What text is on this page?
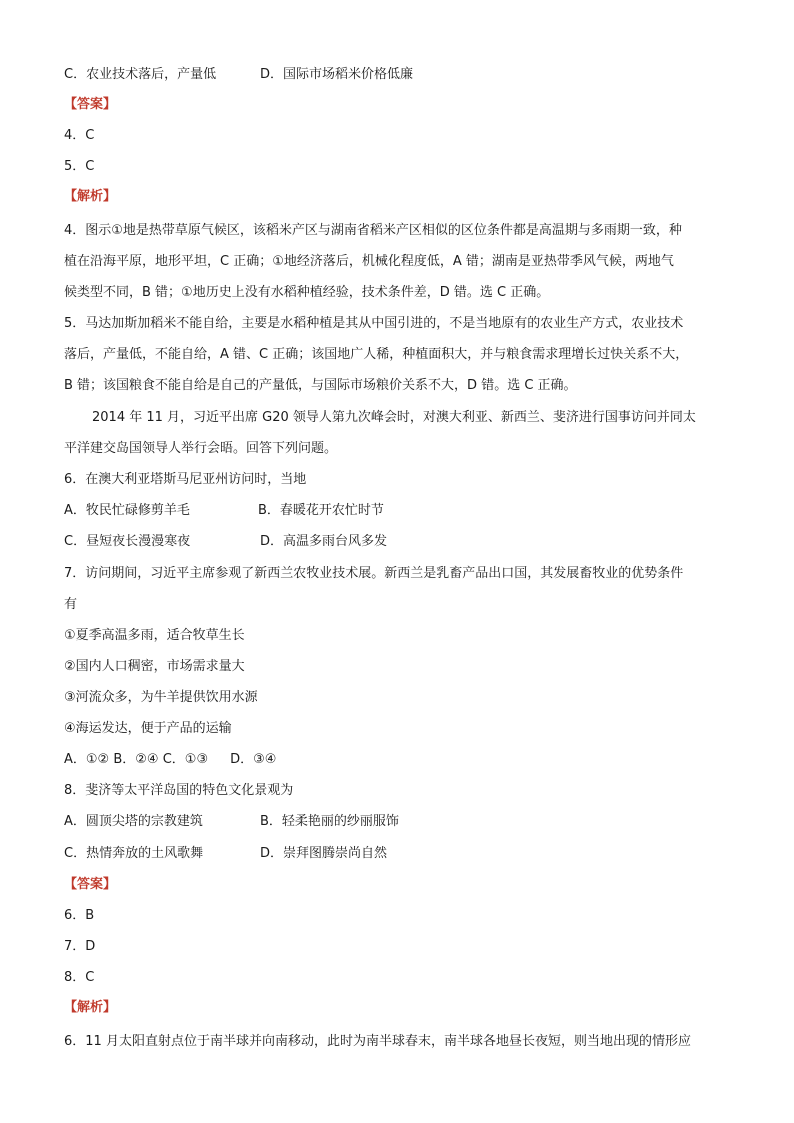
C．农业技术落后，产量低	D．国际市场稻米价格低廉
【答案】
4．C
5．C
【解析】
4．图示①地是热带草原气候区，该稻米产区与湖南省稻米产区相似的区位条件都是高温期与多雨期一致，种
植在沿海平原，地形平坦，C 正确；①地经济落后，机械化程度低，A 错；湖南是亚热带季风气候，两地气
候类型不同，B 错；①地历史上没有水稻种植经验，技术条件差，D 错。选 C 正确。
5．马达加斯加稻米不能自给，主要是水稻种植是其从中国引进的，不是当地原有的农业生产方式，农业技术
落后，产量低，不能自给，A 错、C 正确；该国地广人稀，种植面积大，并与粮食需求理增长过快关系不大，
B 错；该国粮食不能自给是自己的产量低，与国际市场粮价关系不大，D 错。选 C 正确。
2014 年 11 月，习近平出席 G20 领导人第九次峰会时，对澳大利亚、新西兰、斐济进行国事访问并同太
平洋建交岛国领导人举行会晤。回答下列问题。
6．在澳大利亚塔斯马尼亚州访问时，当地
A．牧民忙碌修剪羊毛	B．春暖花开农忙时节
C．昼短夜长漫漫寒夜	D．高温多雨台风多发
7．访问期间，习近平主席参观了新西兰农牧业技术展。新西兰是乳畜产品出口国，其发展畜牧业的优势条件
有
①夏季高温多雨，适合牧草生长
②国内人口稠密，市场需求量大
③河流众多，为牛羊提供饮用水源
④海运发达，便于产品的运输
A．①② B．②④ C．①③ D．③④
8．斐济等太平洋岛国的特色文化景观为
A．圆顶尖塔的宗教建筑	B．轻柔艳丽的纱丽服饰
C．热情奔放的土风歌舞	D．崇拜图腾崇尚自然
【答案】
6．B
7．D
8．C
【解析】
6．11 月太阳直射点位于南半球并向南移动，此时为南半球春末，南半球各地昼长夜短，则当地出现的情形应
